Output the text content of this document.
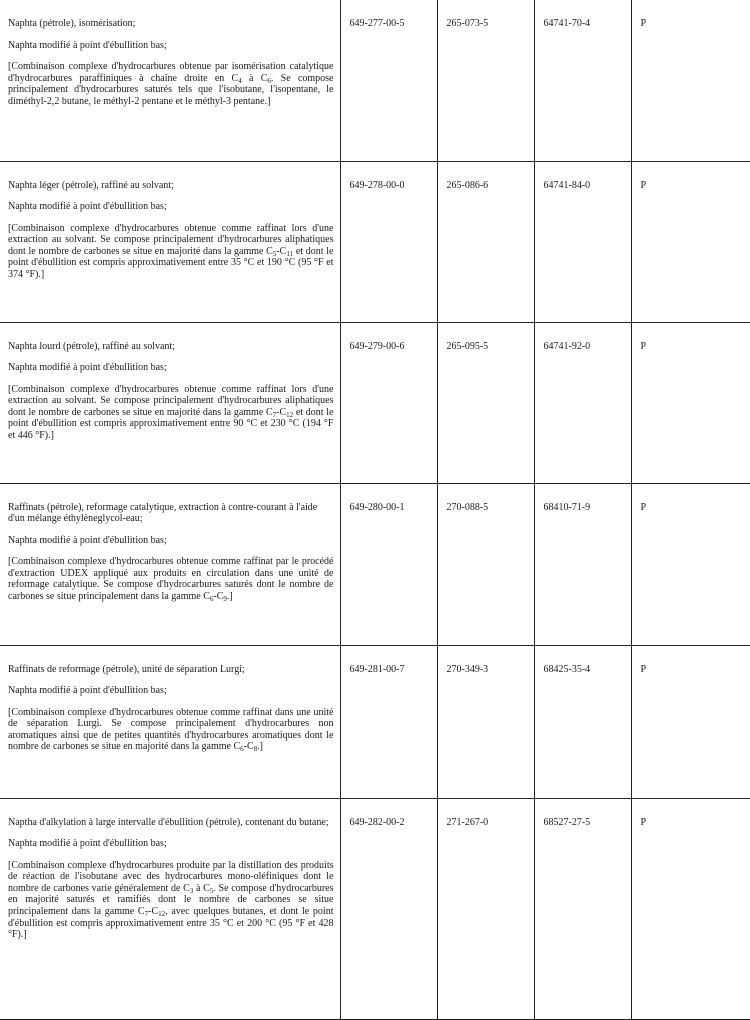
Naphta (pétrole), isomérisation;

Naphta modifié à point d'ébullition bas;

[Combinaison complexe d'hydrocarbures obtenue par isomérisation catalytique d'hydrocarbures paraffiniques à chaîne droite en $C_4$ à $C_6$. Se compose principalement d'hydrocarbures saturés tels que l'isobutane, l'isopentane, le diméthyl-2,2 butane, le méthyl-2 pentane et le méthyl-3 pentane.]	649-277-00-5	265-073-5	64741-70-4	P

Naphta léger (pétrole), raffiné au solvant;

Naphta modifié à point d'ébullition bas;

[Combinaison complexe d'hydrocarbures obtenue comme raffinat lors d'une extraction au solvant. Se compose principalement d'hydrocarbures aliphatiques dont le nombre de carbones se situe en majorité dans la gamme $C_5-C_{11}$ et dont le point d'ébullition est compris approximativement entre 35 °C et 190 °C (95 °F et 374 °F).]	649-278-00-0	265-086-6	64741-84-0	P

Naphta lourd (pétrole), raffiné au solvant;

Naphta modifié à point d'ébullition bas;

[Combinaison complexe d'hydrocarbures obtenue comme raffinat lors d'une extraction au solvant. Se compose principalement d'hydrocarbures aliphatiques dont le nombre de carbones se situe en majorité dans la gamme $C_7-C_{12}$ et dont le point d'ébullition est compris approximativement entre 90 °C et 230 °C (194 °F et 446 °F).]	649-279-00-6	265-095-5	64741-92-0	P

Raffinats (pétrole), reformage catalytique, extraction à contre-courant à l'aide d'un mélange éthylèneglycol-eau;

Naphta modifié à point d'ébullition bas;

[Combinaison complexe d'hydrocarbures obtenue comme raffinat par le procédé d'extraction UDEX appliqué aux produits en circulation dans une unité de reformage catalytique. Se compose d'hydrocarbures saturés dont le nombre de carbones se situe principalement dans la gamme $C_6-C_9$.]	649-280-00-1	270-088-5	68410-71-9	P

Raffinats de reformage (pétrole), unité de séparation Lurgi;

Naphta modifié à point d'ébullition bas;

[Combinaison complexe d'hydrocarbures obtenue comme raffinat dans une unité de séparation Lurgi. Se compose principalement d'hydrocarbures non aromatiques ainsi que de petites quantités d'hydrocarbures aromatiques dont le nombre de carbones se situe en majorité dans la gamme $C_6-C_8$.]	649-281-00-7	270-349-3	68425-35-4	P

Naptha d'alkylation à large intervalle d'ébullition (pétrole), contenant du butane;

Naphta modifié à point d'ébullition bas;

[Combinaison complexe d'hydrocarbures produite par la distillation des produits de réaction de l'isobutane avec des hydrocarbures mono-oléfiniques dont le nombre de carbones varie généralement de $C_3$ à $C_5$. Se compose d'hydrocarbures en majorité saturés et ramifiés dont le nombre de carbones se situe principalement dans la gamme $C_7-C_{12}$, avec quelques butanes, et dont le point d'ébullition est compris approximativement entre 35 °C et 200 °C (95 °F et 428 °F).]	649-282-00-2	271-267-0	68527-27-5	P
